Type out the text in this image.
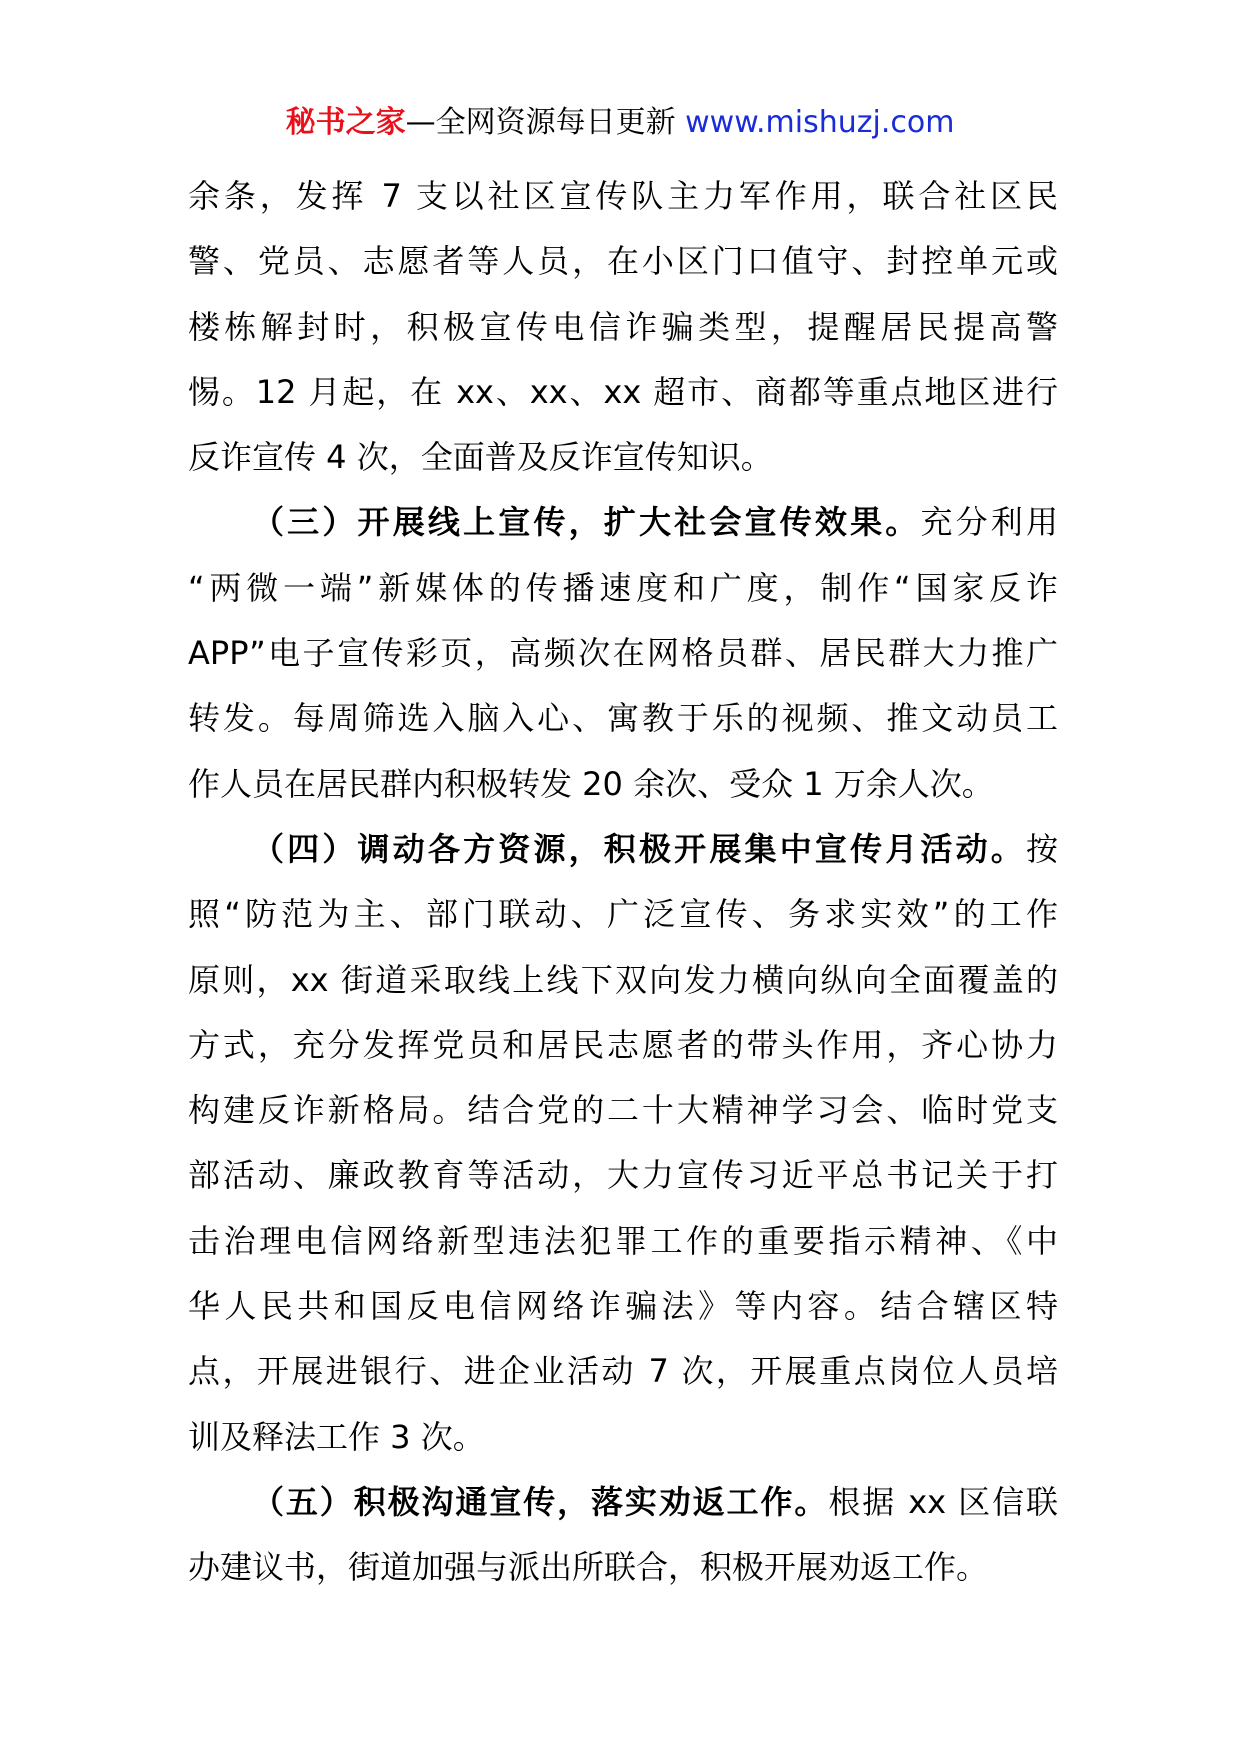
秘书之家—全网资源每日更新 www.mishuzj.com
余条，发挥 7 支以社区宣传队主力军作用，联合社区民
警、党员、志愿者等人员，在小区门口值守、封控单元或
楼栋解封时，积极宣传电信诈骗类型，提醒居民提高警
惕。12 月起，在 xx、xx、xx 超市、商都等重点地区进行
反诈宣传 4 次，全面普及反诈宣传知识。
（三）开展线上宣传，扩大社会宣传效果。充分利用
“两微一端”新媒体的传播速度和广度，制作“国家反诈
APP”电子宣传彩页，高频次在网格员群、居民群大力推广
转发。每周筛选入脑入心、寓教于乐的视频、推文动员工
作人员在居民群内积极转发 20 余次、受众 1 万余人次。
（四）调动各方资源，积极开展集中宣传月活动。按
照“防范为主、部门联动、广泛宣传、务求实效”的工作
原则，xx 街道采取线上线下双向发力横向纵向全面覆盖的
方式，充分发挥党员和居民志愿者的带头作用，齐心协力
构建反诈新格局。结合党的二十大精神学习会、临时党支
部活动、廉政教育等活动，大力宣传习近平总书记关于打
击治理电信网络新型违法犯罪工作的重要指示精神、《中
华人民共和国反电信网络诈骗法》等内容。结合辖区特
点，开展进银行、进企业活动 7 次，开展重点岗位人员培
训及释法工作 3 次。
（五）积极沟通宣传，落实劝返工作。根据 xx 区信联
办建议书，街道加强与派出所联合，积极开展劝返工作。
